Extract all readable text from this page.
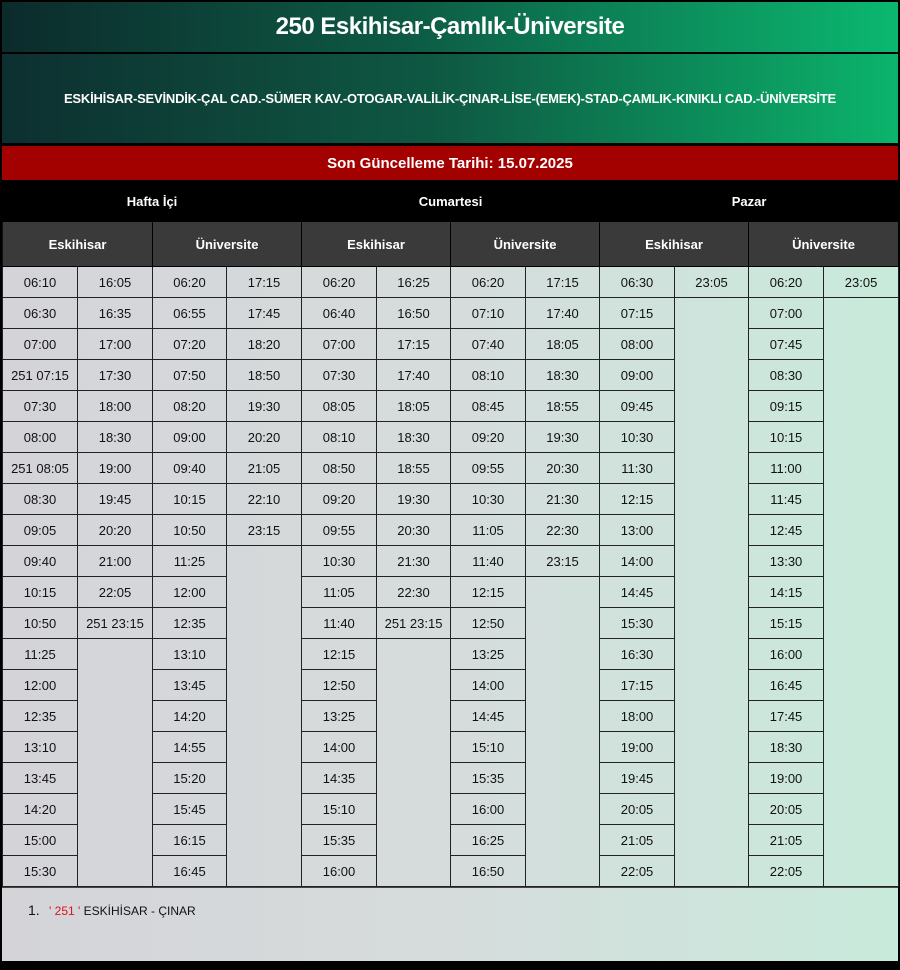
250 Eskihisar-Çamlık-Üniversite
ESKİHİSAR-SEVİNDİK-ÇAL CAD.-SÜMER KAV.-OTOGAR-VALİLİK-ÇINAR-LİSE-(EMEK)-STAD-ÇAMLIK-KINIKLI CAD.-ÜNİVERSİTE
Son Güncelleme Tarihi: 15.07.2025
Hafta İçi				Cumartesi				Pazar			
Eskihisar		Üniversite		Eskihisar		Üniversite		Eskihisar		Üniversite	
06:10	16:05	06:20	17:15	06:20	16:25	06:20	17:15	06:30	23:05	06:20	23:05
06:30	16:35	06:55	17:45	06:40	16:50	07:10	17:40	07:15		07:00	
07:00	17:00	07:20	18:20	07:00	17:15	07:40	18:05	08:00		07:45	
251 07:15	17:30	07:50	18:50	07:30	17:40	08:10	18:30	09:00		08:30	
07:30	18:00	08:20	19:30	08:05	18:05	08:45	18:55	09:45		09:15	
08:00	18:30	09:00	20:20	08:10	18:30	09:20	19:30	10:30		10:15	
251 08:05	19:00	09:40	21:05	08:50	18:55	09:55	20:30	11:30		11:00	
08:30	19:45	10:15	22:10	09:20	19:30	10:30	21:30	12:15		11:45	
09:05	20:20	10:50	23:15	09:55	20:30	11:05	22:30	13:00		12:45	
09:40	21:00	11:25		10:30	21:30	11:40	23:15	14:00		13:30	
10:15	22:05	12:00		11:05	22:30	12:15		14:45		14:15	
10:50	251 23:15	12:35		11:40	251 23:15	12:50		15:30		15:15	
11:25		13:10		12:15		13:25		16:30		16:00	
12:00		13:45		12:50		14:00		17:15		16:45	
12:35		14:20		13:25		14:45		18:00		17:45	
13:10		14:55		14:00		15:10		19:00		18:30	
13:45		15:20		14:35		15:35		19:45		19:00	
14:20		15:45		15:10		16:00		20:05		20:05	
15:00		16:15		15:35		16:25		21:05		21:05	
15:30		16:45		16:00		16:50		22:05		22:05	
1. ' 251 ' ESKİHİSAR - ÇINAR
